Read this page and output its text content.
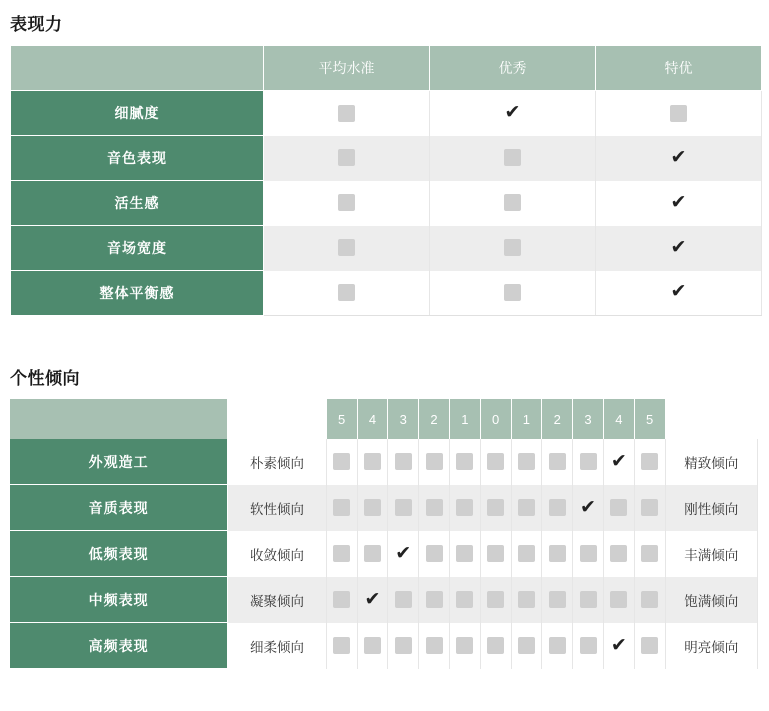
表现力
	平均水准	优秀	特优
细腻度		✔	
音色表现			✔
活生感			✔
音场宽度			✔
整体平衡感			✔
个性倾向
		5	4	3	2	1	0	1	2	3	4	5	
外观造工	朴素倾向										✔		精致倾向
音质表现	软性倾向									✔			刚性倾向
低频表现	收敛倾向			✔									丰满倾向
中频表现	凝聚倾向		✔										饱满倾向
高频表现	细柔倾向										✔		明亮倾向
